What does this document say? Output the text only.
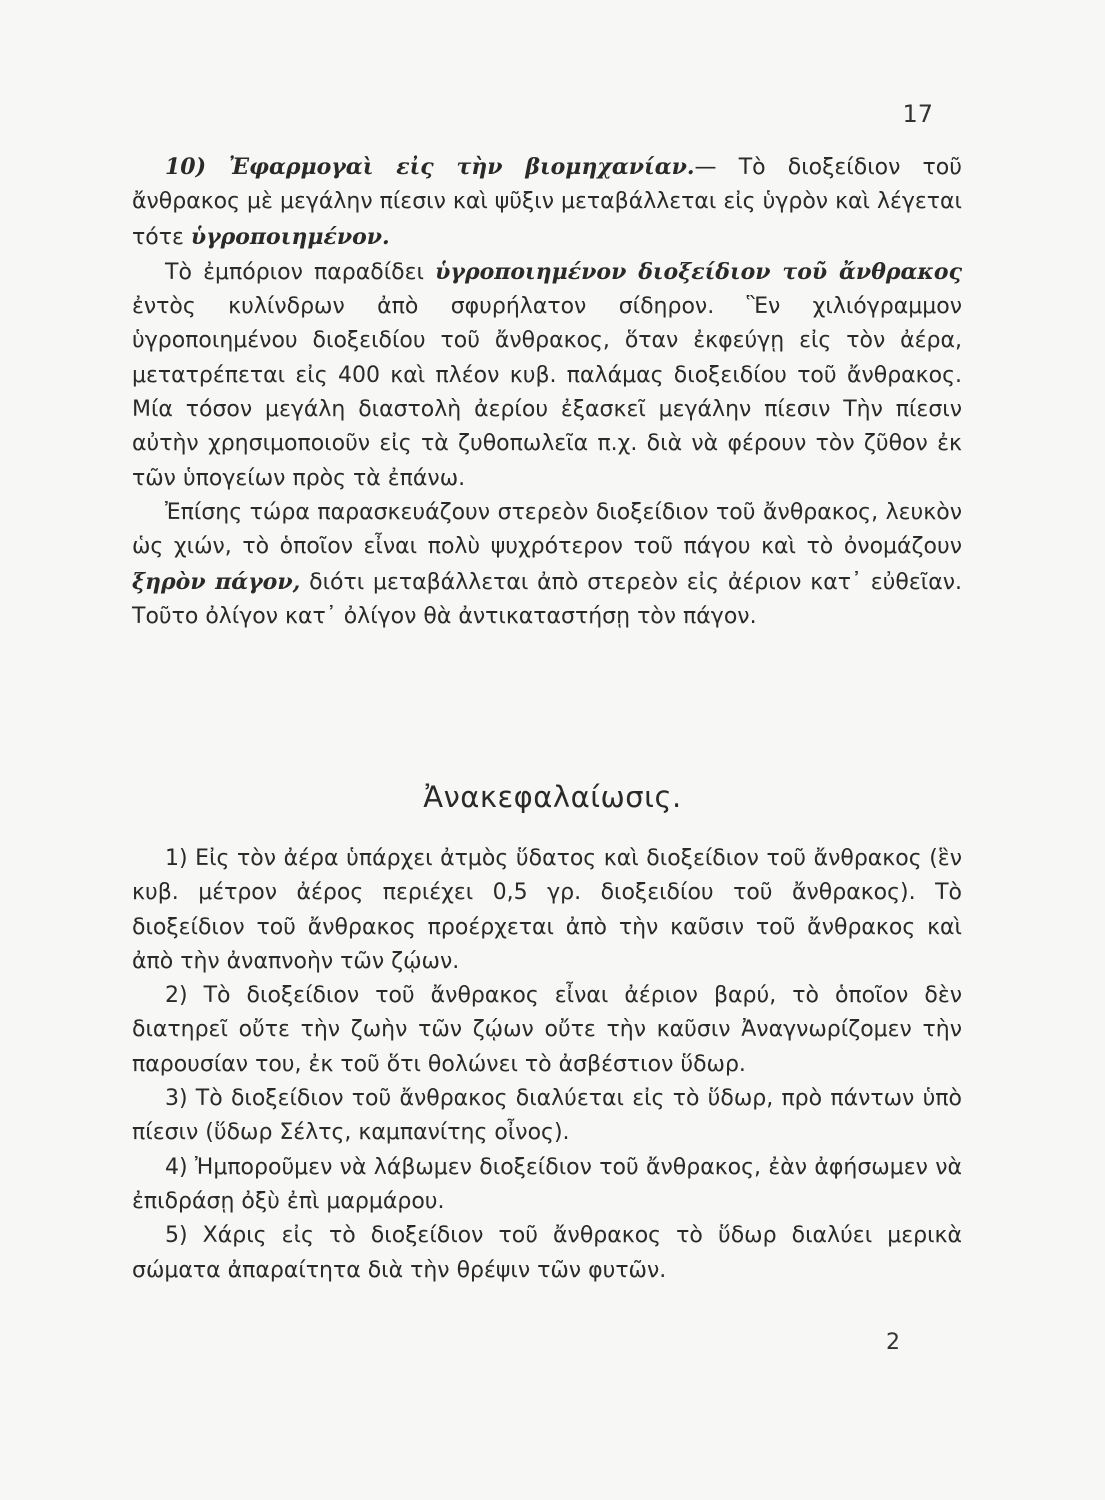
17

10) Ἐφαρμογαὶ εἰς τὴν βιομηχανίαν.— Τὸ διοξείδιον τοῦ ἄνθρακος μὲ μεγάλην πίεσιν καὶ ψῦξιν μεταβάλλεται εἰς ὑγρὸν καὶ λέγεται τότε ὑγροποιημένον.

Τὸ ἐμπόριον παραδίδει ὑγροποιημένον διοξείδιον τοῦ ἄνθρακος ἐντὸς κυλίνδρων ἀπὸ σφυρήλατον σίδηρον. Ἓν χιλιόγραμμον ὑγροποιημένου διοξειδίου τοῦ ἄνθρακος, ὅταν ἐκφεύγῃ εἰς τὸν ἀέρα, μετατρέπεται εἰς 400 καὶ πλέον κυβ. παλάμας διοξειδίου τοῦ ἄνθρακος. Μία τόσον μεγάλη διαστολὴ ἀερίου ἐξασκεῖ μεγάλην πίεσιν Τὴν πίεσιν αὐτὴν χρησιμοποιοῦν εἰς τὰ ζυθοπωλεῖα π.χ. διὰ νὰ φέρουν τὸν ζῦθον ἐκ τῶν ὑπογείων πρὸς τὰ ἐπάνω.

Ἐπίσης τώρα παρασκευάζουν στερεὸν διοξείδιον τοῦ ἄνθρακος, λευκὸν ὡς χιών, τὸ ὁποῖον εἶναι πολὺ ψυχρότερον τοῦ πάγου καὶ τὸ ὀνομάζουν ξηρὸν πάγον, διότι μεταβάλλεται ἀπὸ στερεὸν εἰς ἀέριον κατ᾿ εὐθεῖαν. Τοῦτο ὀλίγον κατ᾿ ὀλίγον θὰ ἀντικαταστήσῃ τὸν πάγον.

Ἀνακεφαλαίωσις.

1) Εἰς τὸν ἀέρα ὑπάρχει ἀτμὸς ὕδατος καὶ διοξείδιον τοῦ ἄνθρακος (ἓν κυβ. μέτρον ἀέρος περιέχει 0,5 γρ. διοξειδίου τοῦ ἄνθρακος). Τὸ διοξείδιον τοῦ ἄνθρακος προέρχεται ἀπὸ τὴν καῦσιν τοῦ ἄνθρακος καὶ ἀπὸ τὴν ἀναπνοὴν τῶν ζῴων.

2) Τὸ διοξείδιον τοῦ ἄνθρακος εἶναι ἀέριον βαρύ, τὸ ὁποῖον δὲν διατηρεῖ οὔτε τὴν ζωὴν τῶν ζῴων οὔτε τὴν καῦσιν Ἀναγνωρίζομεν τὴν παρουσίαν του, ἐκ τοῦ ὅτι θολώνει τὸ ἀσβέστιον ὕδωρ.

3) Τὸ διοξείδιον τοῦ ἄνθρακος διαλύεται εἰς τὸ ὕδωρ, πρὸ πάντων ὑπὸ πίεσιν (ὕδωρ Σέλτς, καμπανίτης οἶνος).

4) Ἠμποροῦμεν νὰ λάβωμεν διοξείδιον τοῦ ἄνθρακος, ἐὰν ἀφήσωμεν νὰ ἐπιδράσῃ ὀξὺ ἐπὶ μαρμάρου.

5) Χάρις εἰς τὸ διοξείδιον τοῦ ἄνθρακος τὸ ὕδωρ διαλύει μερικὰ σώματα ἀπαραίτητα διὰ τὴν θρέψιν τῶν φυτῶν.

2
